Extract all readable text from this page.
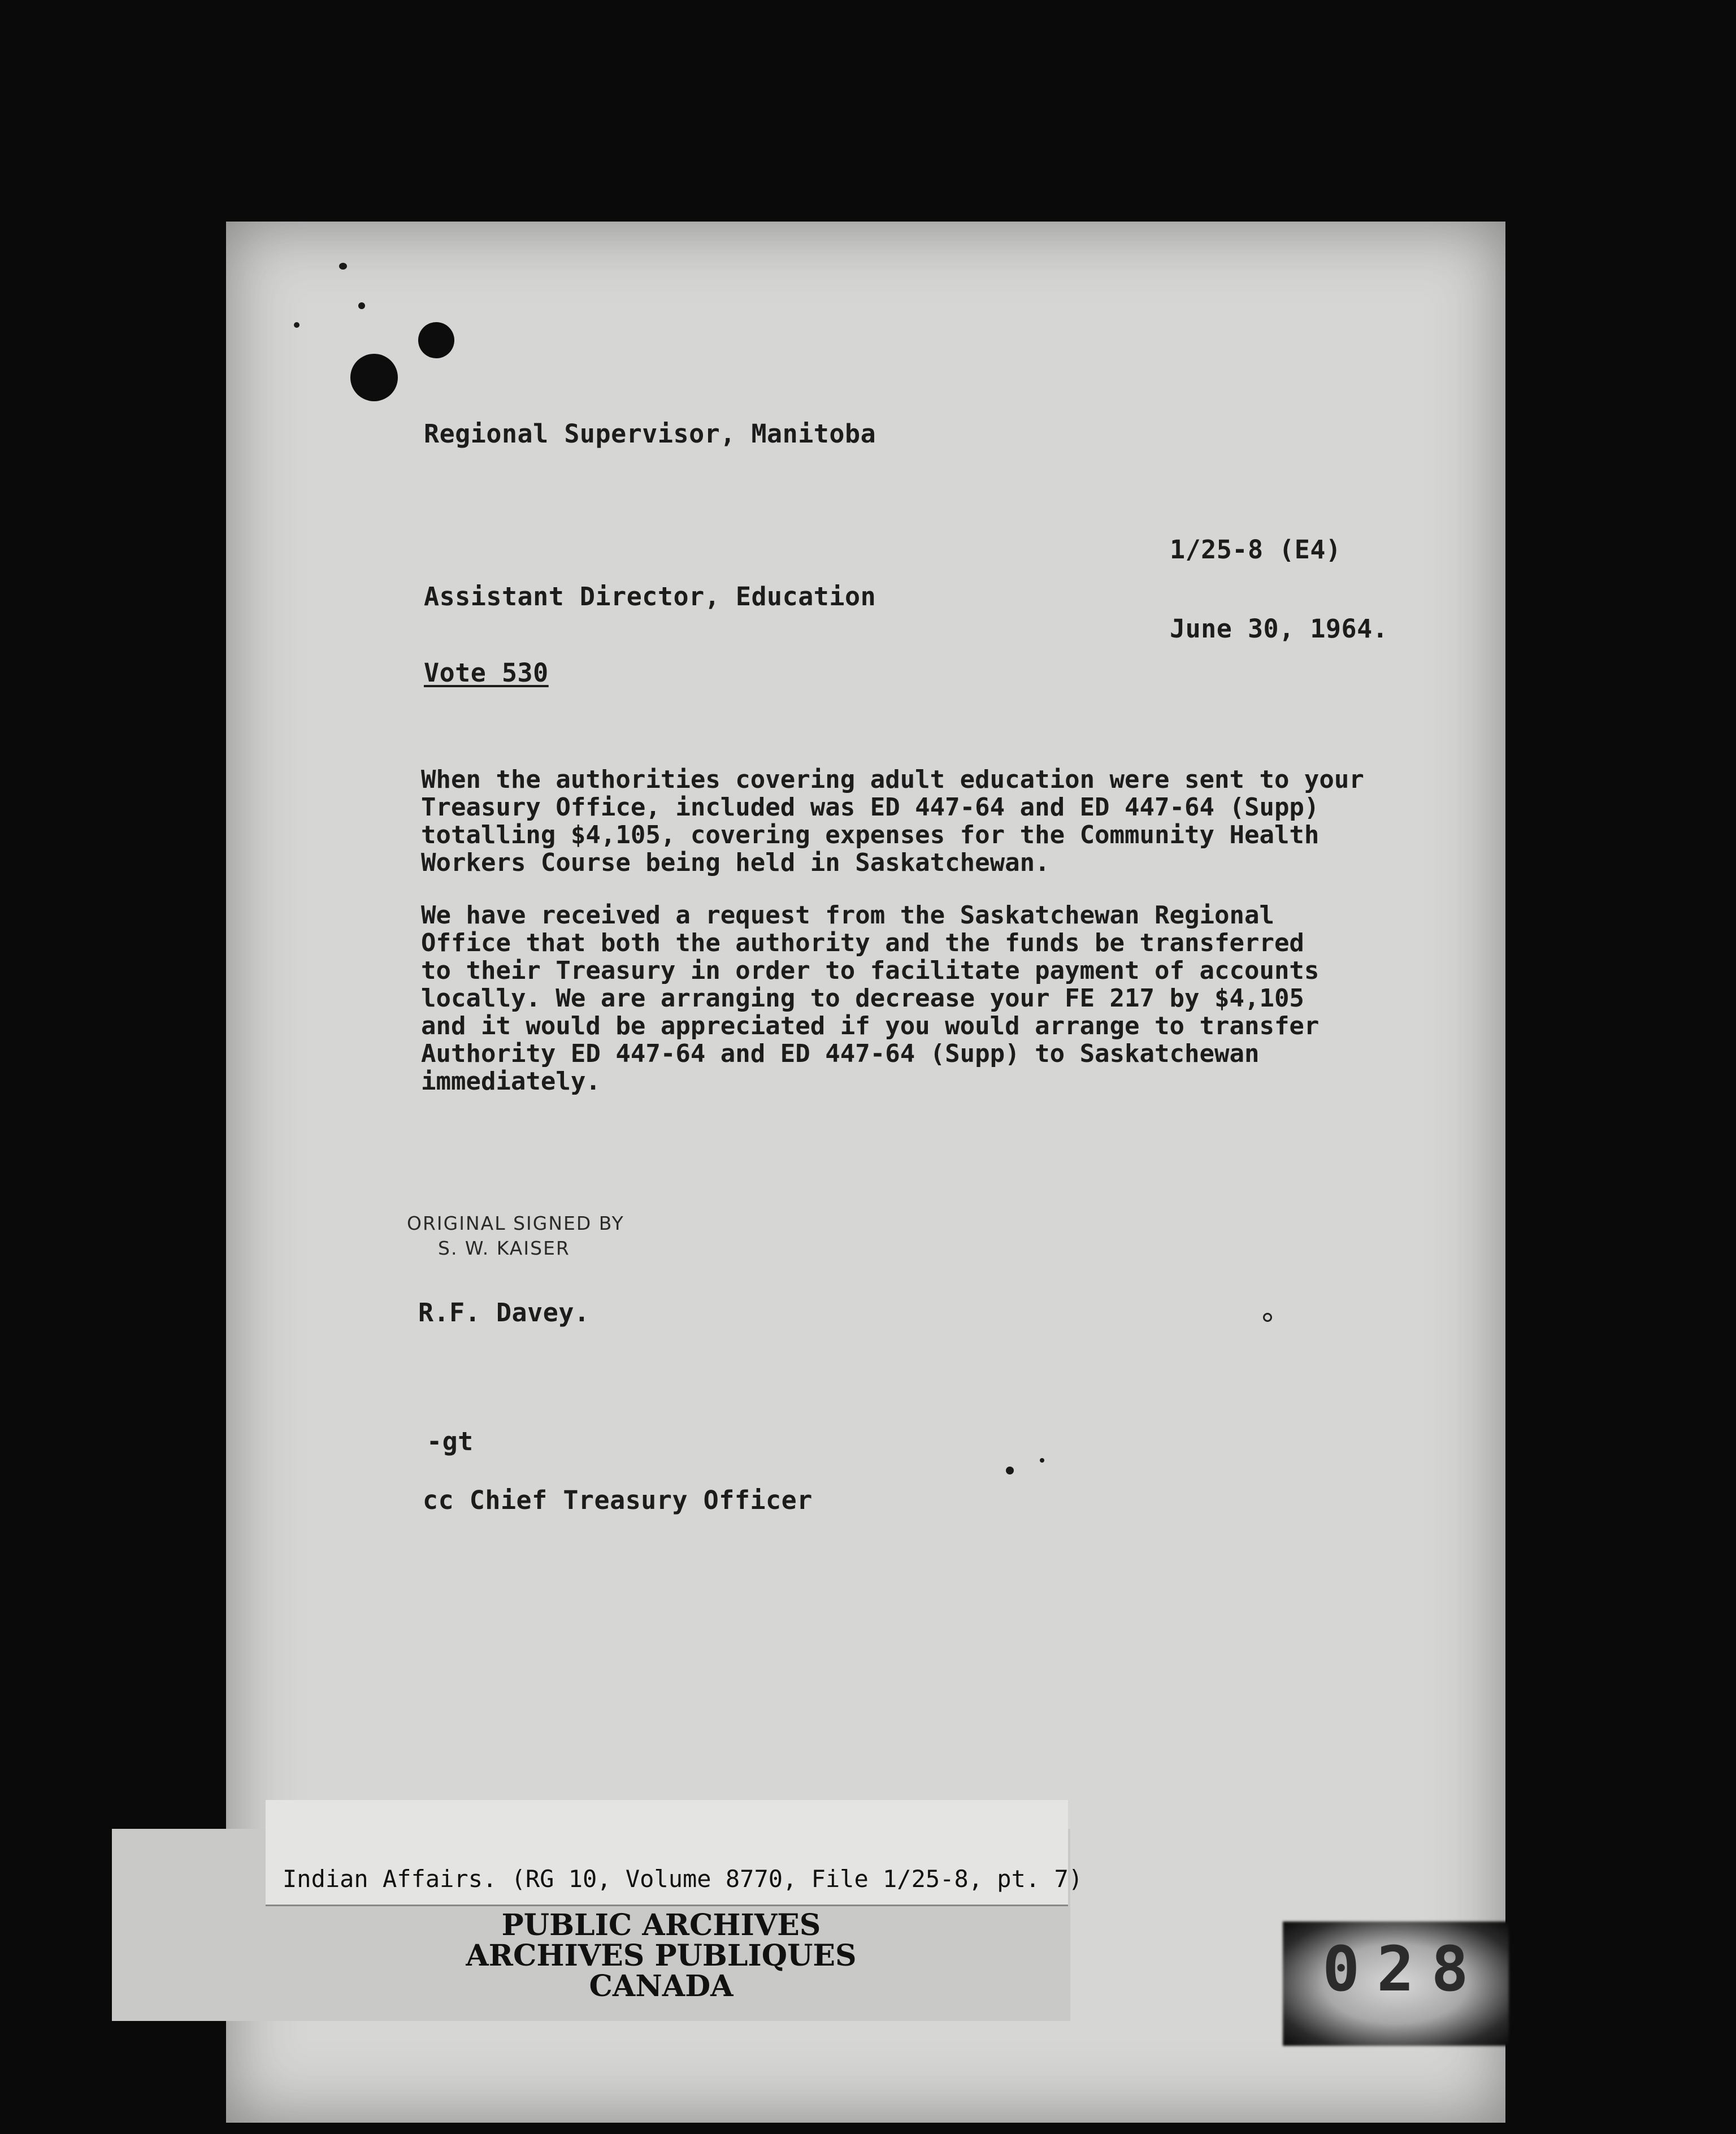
Regional Supervisor, Manitoba
1/25-8 (E4)
Assistant Director, Education
June 30, 1964.
Vote 530
When the authorities covering adult education were sent to your
Treasury Office, included was ED 447-64 and ED 447-64 (Supp)
totalling $4,105, covering expenses for the Community Health
Workers Course being held in Saskatchewan.
We have received a request from the Saskatchewan Regional
Office that both the authority and the funds be transferred
to their Treasury in order to facilitate payment of accounts
locally. We are arranging to decrease your FE 217 by $4,105
and it would be appreciated if you would arrange to transfer
Authority ED 447-64 and ED 447-64 (Supp) to Saskatchewan
immediately.
ORIGINAL SIGNED BY
S. W. KAISER
R.F. Davey.
-gt
cc Chief Treasury Officer
Indian Affairs. (RG 10, Volume 8770, File 1/25-8, pt. 7)
PUBLIC ARCHIVES
ARCHIVES PUBLIQUES
CANADA	028
